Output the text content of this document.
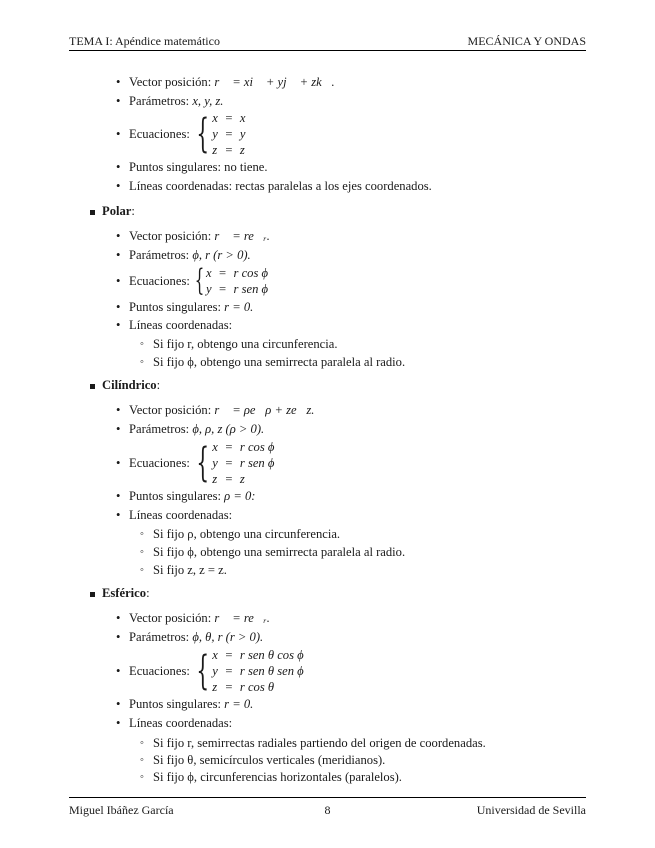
TEMA I: Apéndice matemático	MECÁNICA Y ONDAS
• Vector posición: r⃗ = xi⃗ + yj⃗ + zk⃗.
• Parámetros: x, y, z.
• Ecuaciones: { x = x
y = y
z = z
• Puntos singulares: no tiene.
• Líneas coordenadas: rectas paralelas a los ejes coordenados.
Polar:
• Vector posición: r⃗ = re⃗ᵣ.
• Parámetros: ϕ, r (r > 0).
• Ecuaciones: { x = r cos ϕ
y = r sen ϕ
• Puntos singulares: r = 0.
• Líneas coordenadas:
◦ Si fijo r, obtengo una circunferencia.
◦ Si fijo ϕ, obtengo una semirrecta paralela al radio.
Cilíndrico:
• Vector posición: r⃗ = ρe⃗ρ + ze⃗z.
• Parámetros: ϕ, ρ, z (ρ > 0).
• Ecuaciones: { x = r cos ϕ
y = r sen ϕ
z = z
• Puntos singulares: ρ = 0:
• Líneas coordenadas:
◦ Si fijo ρ, obtengo una circunferencia.
◦ Si fijo ϕ, obtengo una semirrecta paralela al radio.
◦ Si fijo z, z = z.
Esférico:
• Vector posición: r⃗ = re⃗ᵣ.
• Parámetros: ϕ, θ, r (r > 0).
• Ecuaciones: { x = r sen θ cos ϕ
y = r sen θ sen ϕ
z = r cos θ
• Puntos singulares: r = 0.
• Líneas coordenadas:
◦ Si fijo r, semirrectas radiales partiendo del origen de coordenadas.
◦ Si fijo θ, semicírculos verticales (meridianos).
◦ Si fijo ϕ, circunferencias horizontales (paralelos).
Miguel Ibáñez García	8	Universidad de Sevilla
